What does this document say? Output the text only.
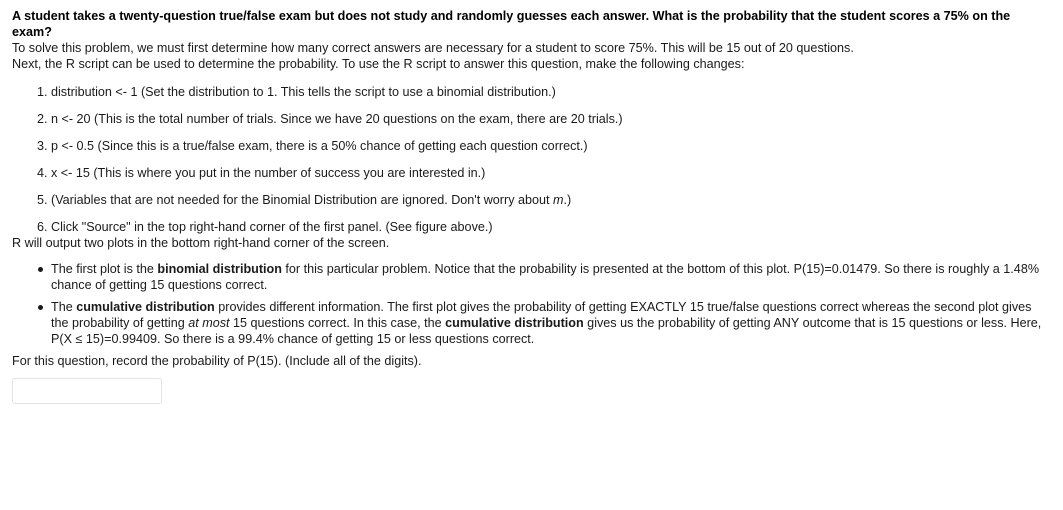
A student takes a twenty-question true/false exam but does not study and randomly guesses each answer. What is the probability that the student scores a 75% on the exam?

To solve this problem, we must first determine how many correct answers are necessary for a student to score 75%. This will be 15 out of 20 questions.

Next, the R script can be used to determine the probability. To use the R script to answer this question, make the following changes:

1. distribution <- 1 (Set the distribution to 1. This tells the script to use a binomial distribution.)
2. n <- 20 (This is the total number of trials. Since we have 20 questions on the exam, there are 20 trials.)
3. p <- 0.5 (Since this is a true/false exam, there is a 50% chance of getting each question correct.)
4. x <- 15 (This is where you put in the number of success you are interested in.)
5. (Variables that are not needed for the Binomial Distribution are ignored. Don't worry about m.)
6. Click "Source" in the top right-hand corner of the first panel. (See figure above.)

R will output two plots in the bottom right-hand corner of the screen.

The first plot is the binomial distribution for this particular problem. Notice that the probability is presented at the bottom of this plot. P(15)=0.01479. So there is roughly a 1.48% chance of getting 15 questions correct.
The cumulative distribution provides different information. The first plot gives the probability of getting EXACTLY 15 true/false questions correct whereas the second plot gives the probability of getting at most 15 questions correct. In this case, the cumulative distribution gives us the probability of getting ANY outcome that is 15 questions or less. Here, P(X ≤ 15)=0.99409. So there is a 99.4% chance of getting 15 or less questions correct.

For this question, record the probability of P(15). (Include all of the digits).
